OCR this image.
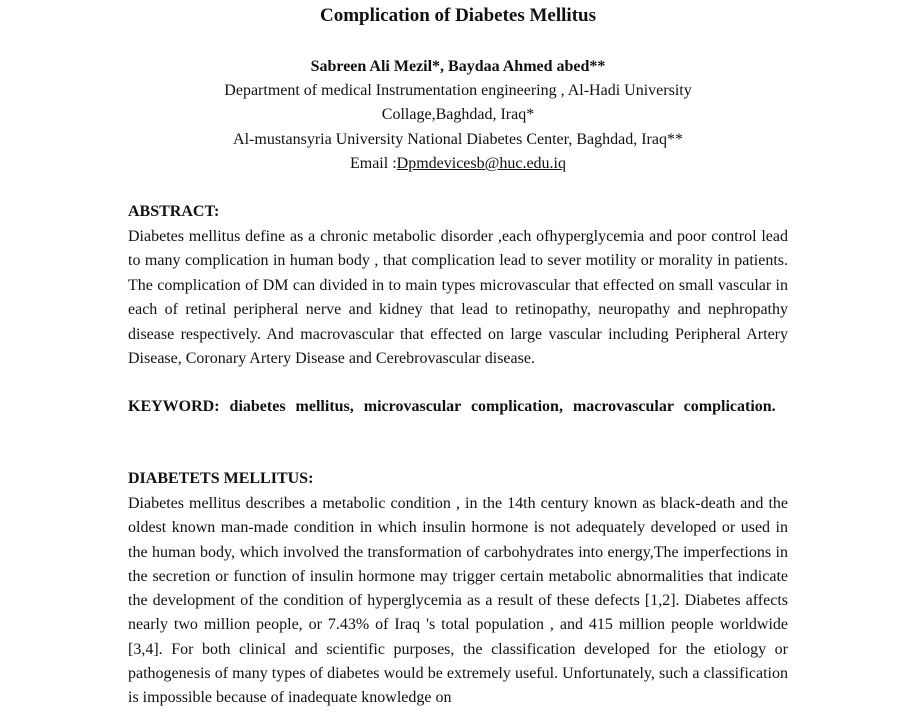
Complication of Diabetes Mellitus
Sabreen Ali Mezil*, Baydaa Ahmed abed**
Department of medical Instrumentation engineering , Al-Hadi University
Collage,Baghdad, Iraq*
Al-mustansyria University National Diabetes Center, Baghdad, Iraq**
Email :Dpmdevicesb@huc.edu.iq
ABSTRACT:

Diabetes mellitus define as a chronic metabolic disorder ,each ofhyperglycemia and poor control lead to many complication in human body , that complication lead to sever motility or morality in patients. The complication of DM can divided in to main types microvascular that effected on small vascular in each of retinal peripheral nerve and kidney that lead to retinopathy, neuropathy and nephropathy disease respectively. And macrovascular that effected on large vascular including Peripheral Artery Disease, Coronary Artery Disease and Cerebrovascular disease.

KEYWORD: diabetes mellitus, microvascular complication, macrovascular complication.

DIABETETS MELLITUS:

Diabetes mellitus describes a metabolic condition , in the 14th century known as black-death and the oldest known man-made condition in which insulin hormone is not adequately developed or used in the human body, which involved the transformation of carbohydrates into energy,The imperfections in the secretion or function of insulin hormone may trigger certain metabolic abnormalities that indicate the development of the condition of hyperglycemia as a result of these defects [1,2]. Diabetes affects nearly two million people, or 7.43% of Iraq 's total population , and 415 million people worldwide [3,4]. For both clinical and scientific purposes, the classification developed for the etiology or pathogenesis of many types of diabetes would be extremely useful. Unfortunately, such a classification is impossible because of inadequate knowledge on
